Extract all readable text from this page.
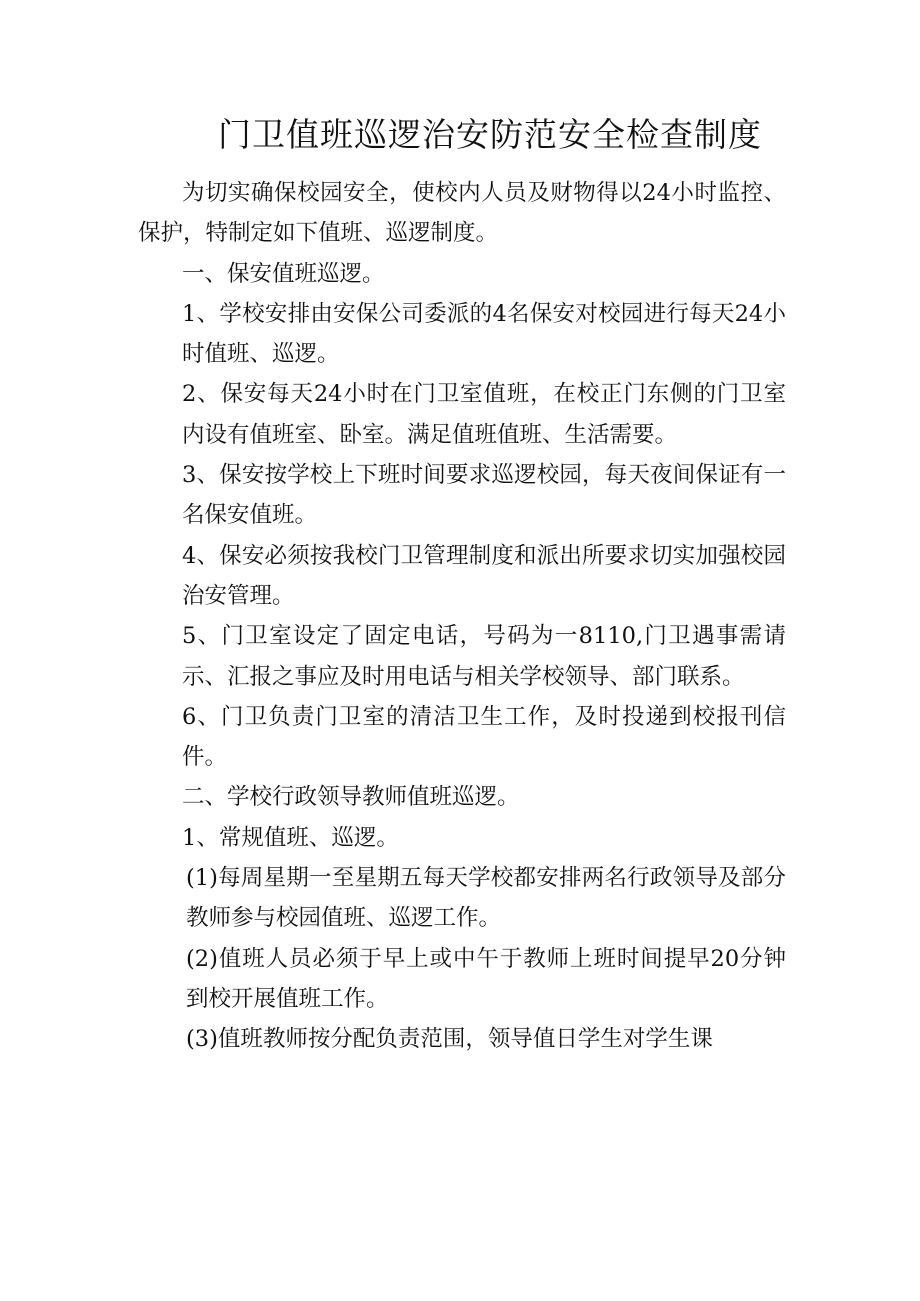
门卫值班巡逻治安防范安全检查制度

为切实确保校园安全，使校内人员及财物得以24小时监控、保护，特制定如下值班、巡逻制度。

一、保安值班巡逻。

1、学校安排由安保公司委派的4名保安对校园进行每天24小时值班、巡逻。

2、保安每天24小时在门卫室值班，在校正门东侧的门卫室内设有值班室、卧室。满足值班值班、生活需要。

3、保安按学校上下班时间要求巡逻校园，每天夜间保证有一名保安值班。

4、保安必须按我校门卫管理制度和派出所要求切实加强校园治安管理。

5、门卫室设定了固定电话，号码为一8110,门卫遇事需请示、汇报之事应及时用电话与相关学校领导、部门联系。

6、门卫负责门卫室的清洁卫生工作，及时投递到校报刊信件。

二、学校行政领导教师值班巡逻。

1、常规值班、巡逻。

(1)每周星期一至星期五每天学校都安排两名行政领导及部分教师参与校园值班、巡逻工作。

(2)值班人员必须于早上或中午于教师上班时间提早20分钟到校开展值班工作。

(3)值班教师按分配负责范围，领导值日学生对学生课
